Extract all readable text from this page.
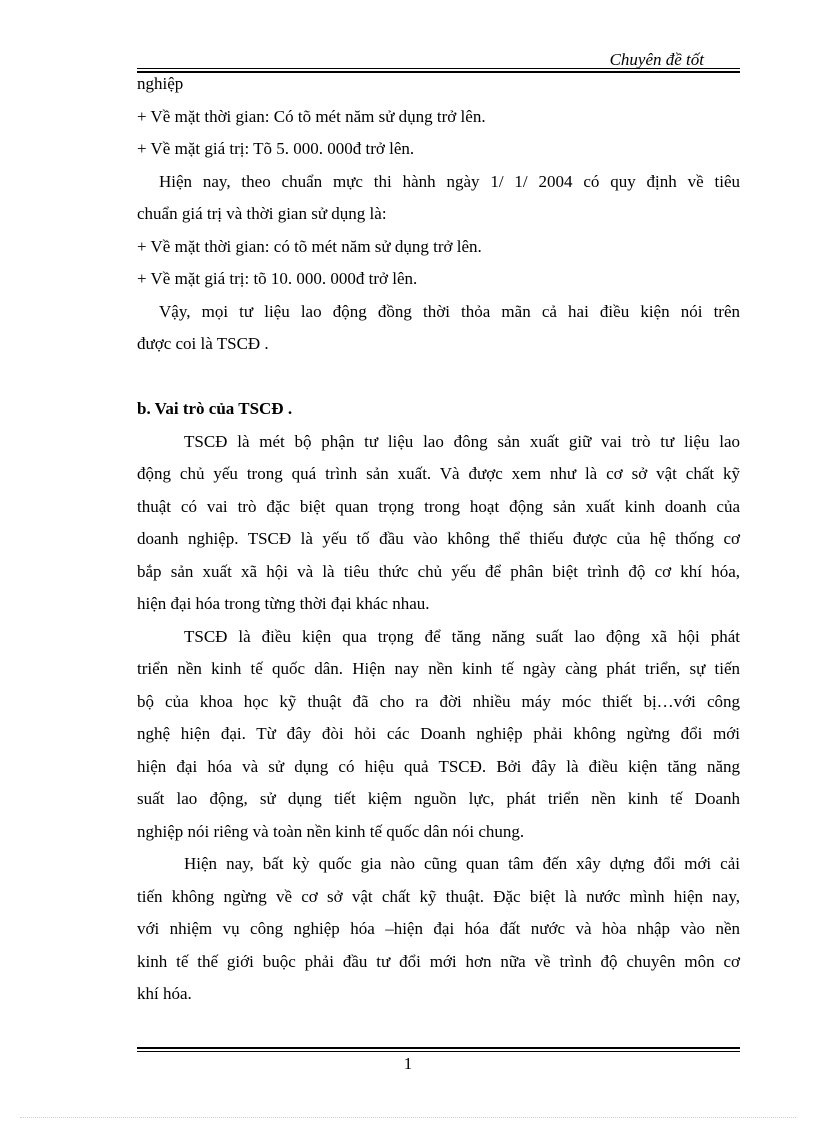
Chuyên đề tốt
nghiệp
+ Về mặt thời gian: Có tõ mét năm sử dụng trở lên.
+ Về mặt giá trị: Tõ 5. 000. 000đ trở lên.
Hiện nay, theo chuẩn mực thi hành ngày 1/ 1/ 2004 có quy định về tiêu
chuẩn giá trị và thời gian sử dụng là:
+ Về mặt thời gian: có tõ mét năm sử dụng trở lên.
+ Về mặt giá trị: tõ 10. 000. 000đ trở lên.
Vậy, mọi tư liệu lao động đồng thời thỏa mãn cả hai điều kiện nói trên
được coi là TSCĐ .
b. Vai trò của TSCĐ .
TSCĐ là mét bộ phận tư liệu lao đông sản xuất giữ vai trò tư liệu lao
động chủ yếu trong quá trình sản xuất. Và được xem như là cơ sở vật chất kỹ
thuật có vai trò đặc biệt quan trọng trong hoạt động sản xuất kinh doanh của
doanh nghiệp. TSCĐ là yếu tố đầu vào không thể thiếu được của hệ thống cơ
bắp sản xuất xã hội và là tiêu thức chủ yếu để phân biệt trình độ cơ khí hóa,
hiện đại hóa trong từng thời đại khác nhau.
TSCĐ là điều kiện qua trọng để tăng năng suất lao động xã hội phát
triển nền kinh tế quốc dân. Hiện nay nền kinh tế ngày càng phát triển, sự tiến
bộ của khoa học kỹ thuật đã cho ra đời nhiều máy móc thiết bị…với công
nghệ hiện đại. Từ đây đòi hỏi các Doanh nghiệp phải không ngừng đổi mới
hiện đại hóa và sử dụng có hiệu quả TSCĐ. Bởi đây là điều kiện tăng năng
suất lao động, sử dụng tiết kiệm nguồn lực, phát triển nền kinh tế Doanh
nghiệp nói riêng và toàn nền kinh tế quốc dân nói chung.
Hiện nay, bất kỳ quốc gia nào cũng quan tâm đến xây dựng đổi mới cải
tiến không ngừng về cơ sở vật chất kỹ thuật. Đặc biệt là nước mình hiện nay,
với nhiệm vụ công nghiệp hóa –hiện đại hóa đất nước và hòa nhập vào nền
kinh tế thế giới buộc phải đầu tư đổi mới hơn nữa về trình độ chuyên môn cơ
khí hóa.
1
